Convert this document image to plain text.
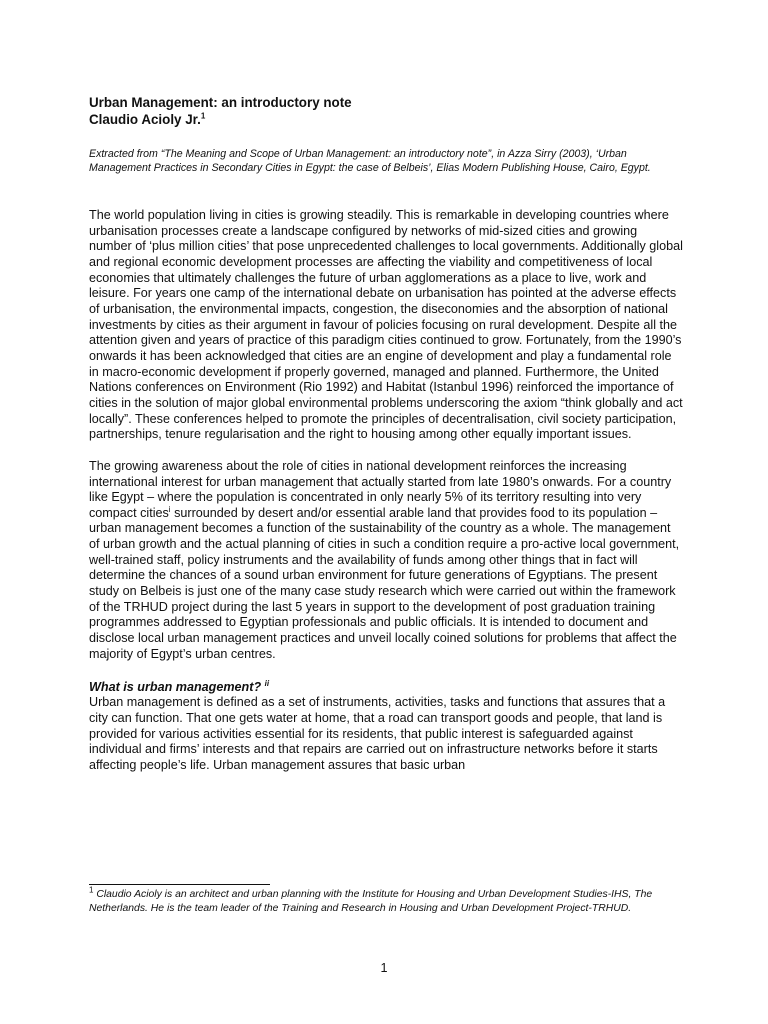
Urban Management: an introductory note
Claudio Acioly Jr.$^1$

Extracted from “The Meaning and Scope of Urban Management: an introductory note”, in Azza Sirry (2003), ‘Urban Management Practices in Secondary Cities in Egypt: the case of Belbeis’, Elias Modern Publishing House, Cairo, Egypt.

The world population living in cities is growing steadily. This is remarkable in developing countries where urbanisation processes create a landscape configured by networks of mid-sized cities and growing number of ‘plus million cities’ that pose unprecedented challenges to local governments. Additionally global and regional economic development processes are affecting the viability and competitiveness of local economies that ultimately challenges the future of urban agglomerations as a place to live, work and leisure. For years one camp of the international debate on urbanisation has pointed at the adverse effects of urbanisation, the environmental impacts, congestion, the diseconomies and the absorption of national investments by cities as their argument in favour of policies focusing on rural development. Despite all the attention given and years of practice of this paradigm cities continued to grow. Fortunately, from the 1990’s onwards it has been acknowledged that cities are an engine of development and play a fundamental role in macro-economic development if properly governed, managed and planned. Furthermore, the United Nations conferences on Environment (Rio 1992) and Habitat (Istanbul 1996) reinforced the importance of cities in the solution of major global environmental problems underscoring the axiom “think globally and act locally”. These conferences helped to promote the principles of decentralisation, civil society participation, partnerships, tenure regularisation and the right to housing among other equally important issues.

The growing awareness about the role of cities in national development reinforces the increasing international interest for urban management that actually started from late 1980’s onwards. For a country like Egypt – where the population is concentrated in only nearly 5% of its territory resulting into very compact cities$^i$ surrounded by desert and/or essential arable land that provides food to its population – urban management becomes a function of the sustainability of the country as a whole. The management of urban growth and the actual planning of cities in such a condition require a pro-active local government, well-trained staff, policy instruments and the availability of funds among other things that in fact will determine the chances of a sound urban environment for future generations of Egyptians. The present study on Belbeis is just one of the many case study research which were carried out within the framework of the TRHUD project during the last 5 years in support to the development of post graduation training programmes addressed to Egyptian professionals and public officials. It is intended to document and disclose local urban management practices and unveil locally coined solutions for problems that affect the majority of Egypt’s urban centres.

What is urban management? $^{ii}$

Urban management is defined as a set of instruments, activities, tasks and functions that assures that a city can function. That one gets water at home, that a road can transport goods and people, that land is provided for various activities essential for its residents, that public interest is safeguarded against individual and firms’ interests and that repairs are carried out on infrastructure networks before it starts affecting people’s life. Urban management assures that basic urban

$^1$ Claudio Acioly is an architect and urban planning with the Institute for Housing and Urban Development Studies-IHS, The Netherlands. He is the team leader of the Training and Research in Housing and Urban Development Project-TRHUD.

1
